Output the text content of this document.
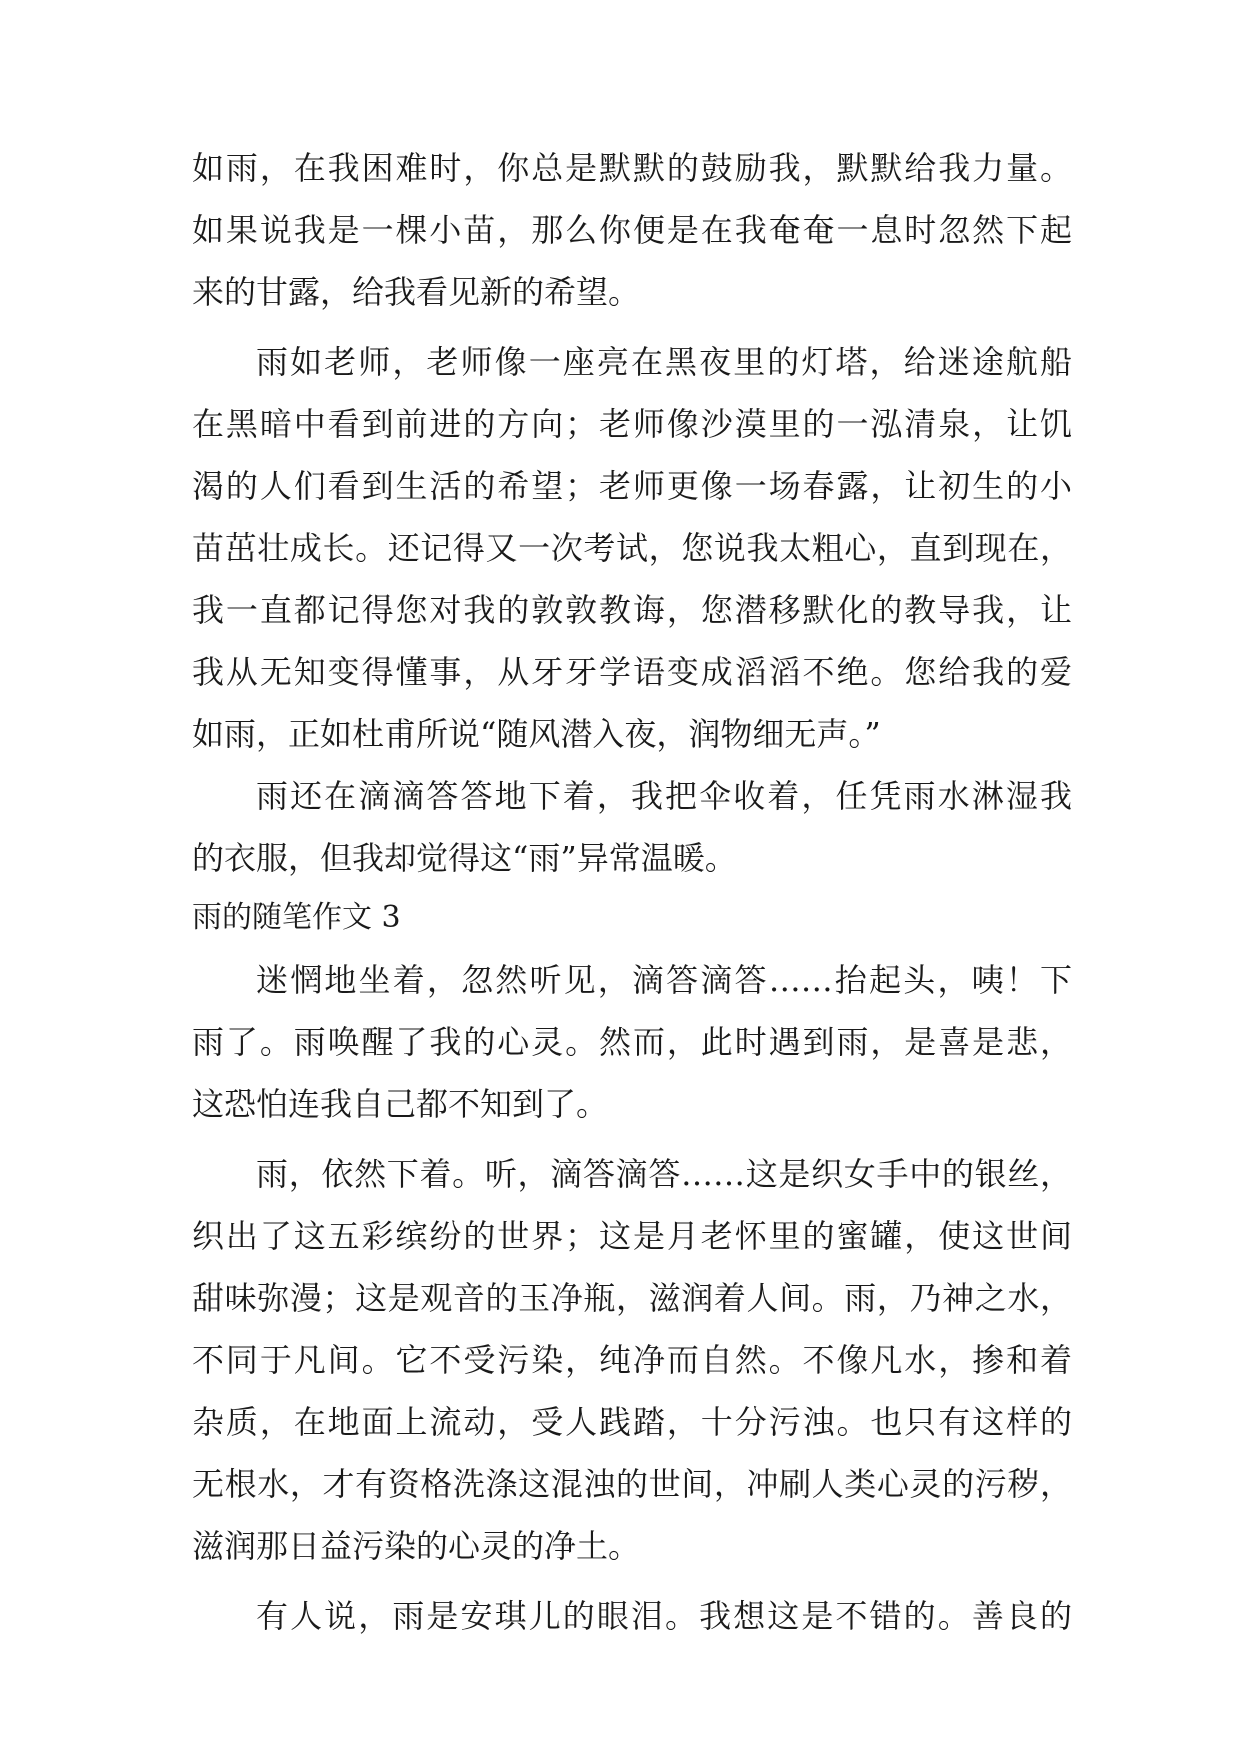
如雨，在我困难时，你总是默默的鼓励我，默默给我力量。
如果说我是一棵小苗，那么你便是在我奄奄一息时忽然下起
来的甘露，给我看见新的希望。
雨如老师，老师像一座亮在黑夜里的灯塔，给迷途航船
在黑暗中看到前进的方向；老师像沙漠里的一泓清泉，让饥
渴的人们看到生活的希望；老师更像一场春露，让初生的小
苗茁壮成长。还记得又一次考试，您说我太粗心，直到现在，
我一直都记得您对我的敦敦教诲，您潜移默化的教导我，让
我从无知变得懂事，从牙牙学语变成滔滔不绝。您给我的爱
如雨，正如杜甫所说“随风潜入夜，润物细无声。”
雨还在滴滴答答地下着，我把伞收着，任凭雨水淋湿我
的衣服，但我却觉得这“雨”异常温暖。
雨的随笔作文 3
迷惘地坐着，忽然听见，滴答滴答……抬起头，咦！下
雨了。雨唤醒了我的心灵。然而，此时遇到雨，是喜是悲，
这恐怕连我自己都不知到了。
雨，依然下着。听，滴答滴答……这是织女手中的银丝，
织出了这五彩缤纷的世界；这是月老怀里的蜜罐，使这世间
甜味弥漫；这是观音的玉净瓶，滋润着人间。雨，乃神之水，
不同于凡间。它不受污染，纯净而自然。不像凡水，掺和着
杂质，在地面上流动，受人践踏，十分污浊。也只有这样的
无根水，才有资格洗涤这混浊的世间，冲刷人类心灵的污秽，
滋润那日益污染的心灵的净土。
有人说，雨是安琪儿的眼泪。我想这是不错的。善良的
